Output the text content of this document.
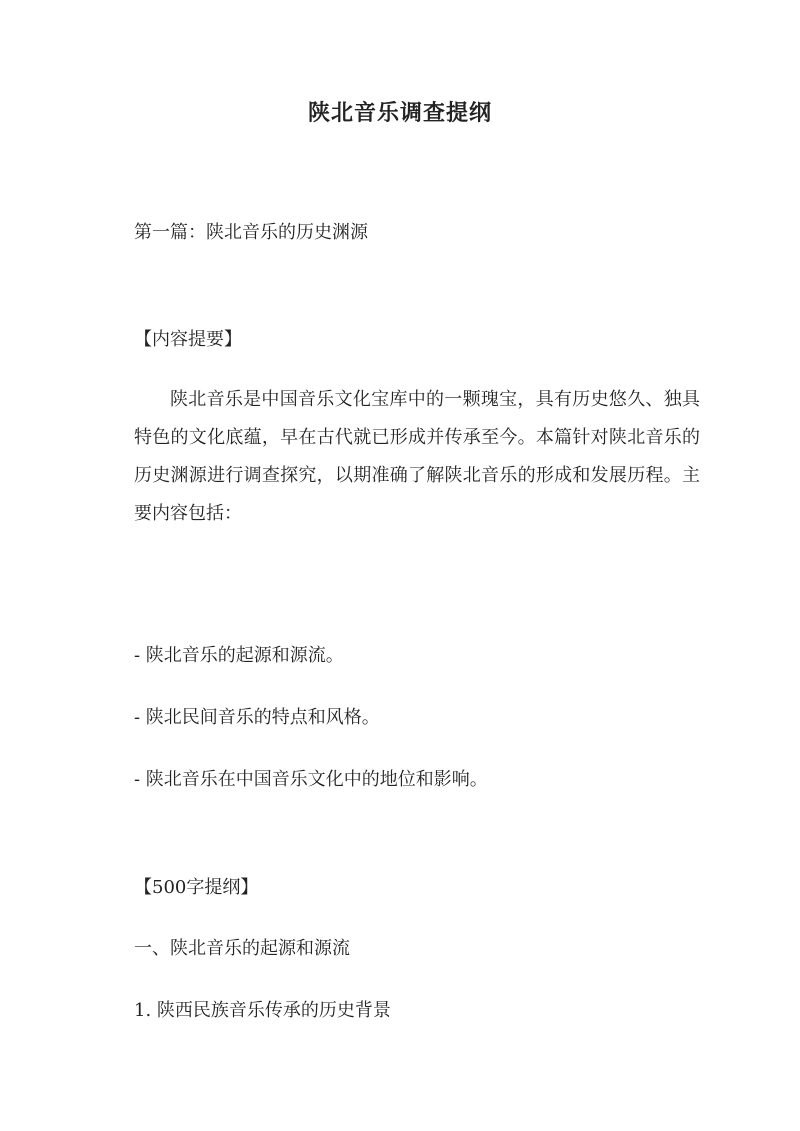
陕北音乐调查提纲
第一篇：陕北音乐的历史渊源
【内容提要】
陕北音乐是中国音乐文化宝库中的一颗瑰宝，具有历史悠久、独具特色的文化底蕴，早在古代就已形成并传承至今。本篇针对陕北音乐的历史渊源进行调查探究，以期准确了解陕北音乐的形成和发展历程。主要内容包括：
- 陕北音乐的起源和源流。
- 陕北民间音乐的特点和风格。
- 陕北音乐在中国音乐文化中的地位和影响。
【500字提纲】
一、陕北音乐的起源和源流
1. 陕西民族音乐传承的历史背景
